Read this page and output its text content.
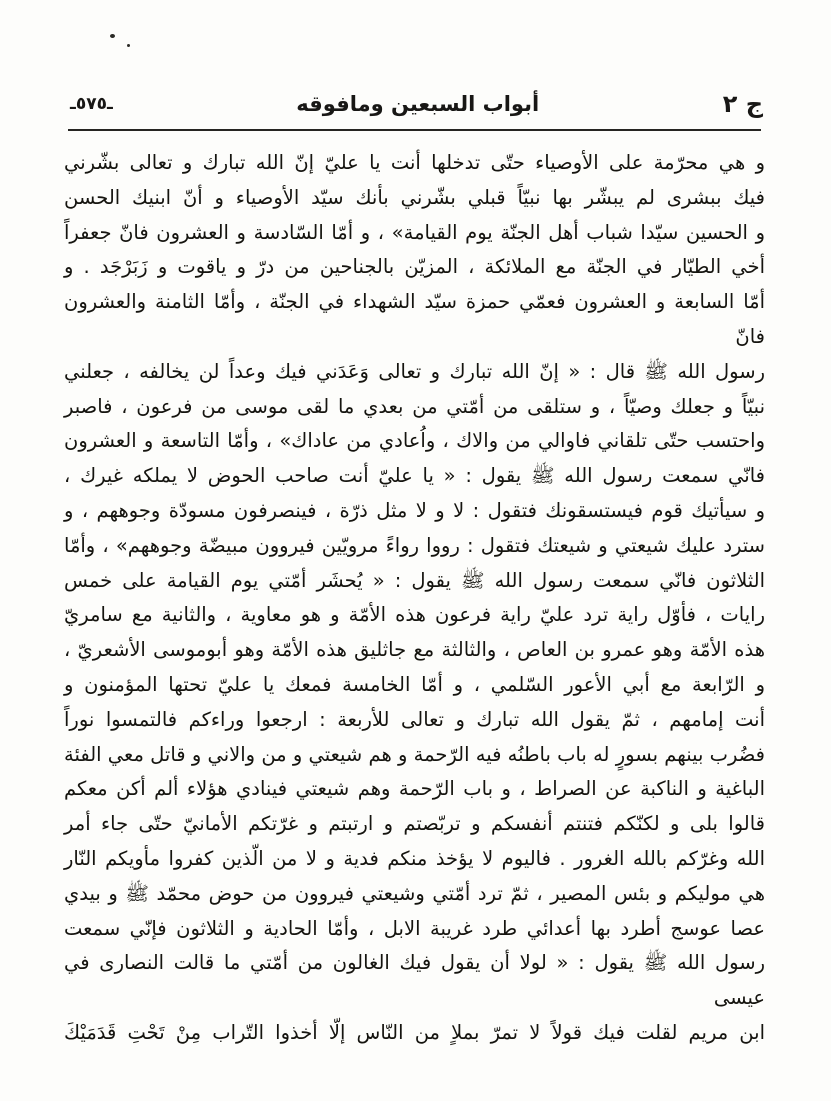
ج ٢
أبواب السبعين ومافوقه
ـ٥٧٥ـ
و هي محرّمة على الأوصياء حتّى تدخلها أنت يا عليّ إنّ الله تبارك و تعالى بشّرني
فيك ببشرى لم يبشّر بها نبيّاً قبلي بشّرني بأنك سيّد الأوصياء و أنّ ابنيك الحسن
و الحسين سيّدا شباب أهل الجنّة يوم القيامة» ، و أمّا السّادسة و العشرون فانّ جعفراً
أخي الطيّار في الجنّة مع الملائكة ، المزيّن بالجناحين من درّ و ياقوت و زَبَرْجَد . و
أمّا السابعة و العشرون فعمّي حمزة سيّد الشهداء في الجنّة ، وأمّا الثامنة والعشرون فانّ
رسول الله ﷺ قال : « إنّ الله تبارك و تعالى وَعَدَني فيك وعداً لن يخالفه ، جعلني
نبيّاً و جعلك وصيّاً ، و ستلقى من أمّتي من بعدي ما لقى موسى من فرعون ، فاصبر
واحتسب حتّى تلقاني فاوالي من والاك ، واُعادي من عاداك» ، وأمّا التاسعة و العشرون
فانّي سمعت رسول الله ﷺ يقول : « يا عليّ أنت صاحب الحوض لا يملكه غيرك ،
و سيأتيك قوم فيستسقونك فتقول : لا و لا مثل ذرّة ، فينصرفون مسودّة وجوههم ، و
سترد عليك شيعتي و شيعتك فتقول : رووا رواءً مرويّين فيروون مبيضّة وجوههم» ، وأمّا
الثلاثون فانّي سمعت رسول الله ﷺ يقول : « يُحشَر أمّتي يوم القيامة على خمس
رايات ، فأوّل راية ترد عليّ راية فرعون هذه الأمّة و هو معاوية ، والثانية مع سامريّ
هذه الأمّة وهو عمرو بن العاص ، والثالثة مع جاثليق هذه الأمّة وهو أبوموسى الأشعريّ ،
و الرّابعة مع أبي الأعور السّلمي ، و أمّا الخامسة فمعك يا عليّ تحتها المؤمنون و
أنت إمامهم ، ثمّ يقول الله تبارك و تعالى للأربعة : ارجعوا وراءكم فالتمسوا نوراً
فضُرب بينهم بسورٍ له باب باطنُه فيه الرّحمة و هم شيعتي و من والاني و قاتل معي الفئة
الباغية و الناكبة عن الصراط ، و باب الرّحمة وهم شيعتي فينادي هؤلاء ألم أكن معكم
قالوا بلى و لكنّكم فتنتم أنفسكم و تربّصتم و ارتبتم و غرّتكم الأمانيّ حتّى جاء أمر
الله وغرّكم بالله الغرور . فاليوم لا يؤخذ منكم فدية و لا من الّذين كفروا مأويكم النّار
هي موليكم و بئس المصير ، ثمّ ترد أمّتي وشيعتي فيروون من حوض محمّد ﷺ و بيدي
عصا عوسج أطرد بها أعدائي طرد غريبة الابل ، وأمّا الحادية و الثلاثون فإنّي سمعت
رسول الله ﷺ يقول : « لولا أن يقول فيك الغالون من أمّتي ما قالت النصارى في عيسى
ابن مريم لقلت فيك قولاً لا تمرّ بملاٍ من النّاس إلّا أخذوا التّراب مِنْ تَحْتِ قَدَمَيْكَ
